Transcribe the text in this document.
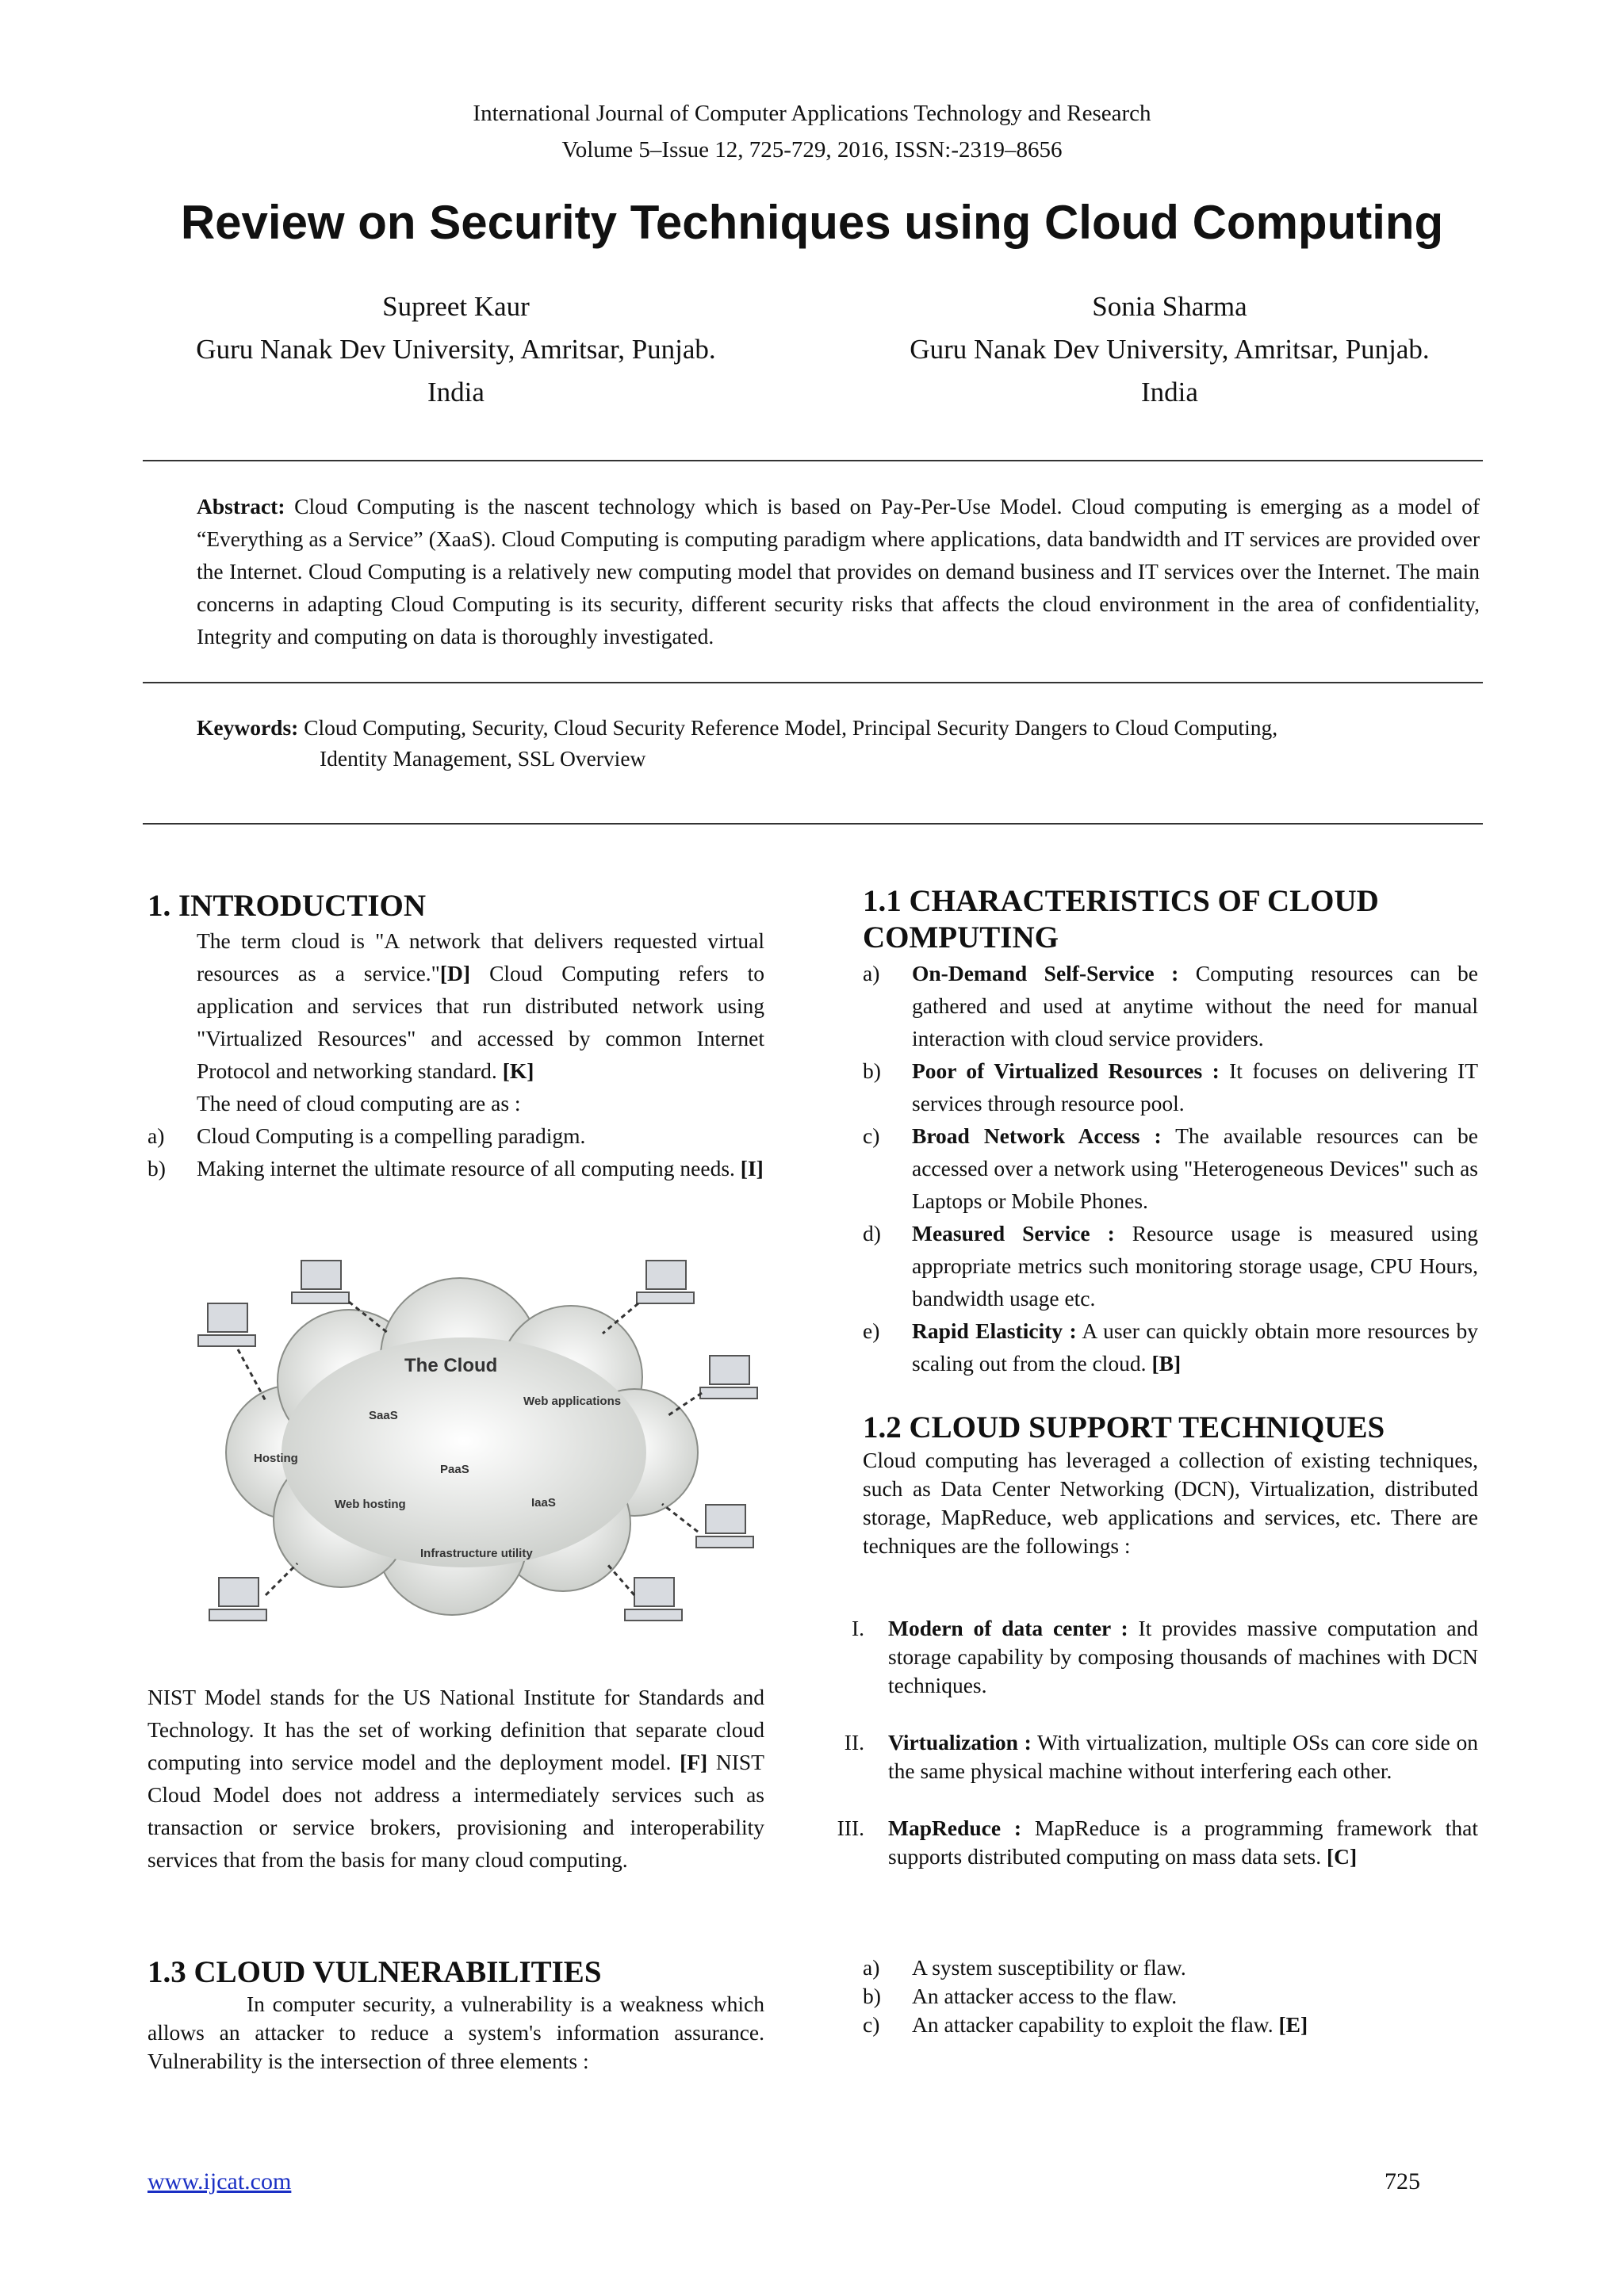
International Journal of Computer Applications Technology and Research
Volume 5–Issue 12, 725-729, 2016, ISSN:-2319–8656
Review on Security Techniques using Cloud Computing
Supreet Kaur
Guru Nanak Dev University, Amritsar, Punjab.
India
Sonia Sharma
Guru Nanak Dev University, Amritsar, Punjab.
India
Abstract: Cloud Computing is the nascent technology which is based on Pay-Per-Use Model. Cloud computing is emerging as a model of “Everything as a Service” (XaaS). Cloud Computing is computing paradigm where applications, data bandwidth and IT services are provided over the Internet. Cloud Computing is a relatively new computing model that provides on demand business and IT services over the Internet. The main concerns in adapting Cloud Computing is its security, different security risks that affects the cloud environment in the area of confidentiality, Integrity and computing on data is thoroughly investigated.
Keywords: Cloud Computing, Security, Cloud Security Reference Model, Principal Security Dangers to Cloud Computing,
Identity Management, SSL Overview
1. INTRODUCTION
The term cloud is "A network that delivers requested virtual resources as a service."[D] Cloud Computing refers to application and services that run distributed network using "Virtualized Resources" and accessed by common Internet Protocol and networking standard. [K]
The need of cloud computing are as :
a) Cloud Computing is a compelling paradigm.
b) Making internet the ultimate resource of all computing needs. [I]
The Cloud
SaaS
Web applications
Hosting
PaaS
Web hosting	IaaS
Infrastructure utility
NIST Model stands for the US National Institute for Standards and Technology. It has the set of working definition that separate cloud computing into service model and the deployment model. [F] NIST Cloud Model does not address a intermediately services such as transaction or service brokers, provisioning and interoperability services that from the basis for many cloud computing.
1.3 CLOUD VULNERABILITIES
In computer security, a vulnerability is a weakness which allows an attacker to reduce a system's information assurance. Vulnerability is the intersection of three elements :
1.1 CHARACTERISTICS OF CLOUD
COMPUTING
a) On-Demand Self-Service : Computing resources can be gathered and used at anytime without the need for manual interaction with cloud service providers.
b) Poor of Virtualized Resources : It focuses on delivering IT services through resource pool.
c) Broad Network Access : The available resources can be accessed over a network using "Heterogeneous Devices" such as Laptops or Mobile Phones.
d) Measured Service : Resource usage is measured using appropriate metrics such monitoring storage usage, CPU Hours, bandwidth usage etc.
e) Rapid Elasticity : A user can quickly obtain more resources by scaling out from the cloud. [B]
1.2 CLOUD SUPPORT TECHNIQUES
Cloud computing has leveraged a collection of existing techniques, such as Data Center Networking (DCN), Virtualization, distributed storage, MapReduce, web applications and services, etc. There are techniques are the followings :
I. Modern of data center : It provides massive computation and storage capability by composing thousands of machines with DCN techniques.
II. Virtualization : With virtualization, multiple OSs can core side on the same physical machine without interfering each other.
III. MapReduce : MapReduce is a programming framework that supports distributed computing on mass data sets. [C]
a) A system susceptibility or flaw.
b) An attacker access to the flaw.
c) An attacker capability to exploit the flaw. [E]
www.ijcat.com	725
